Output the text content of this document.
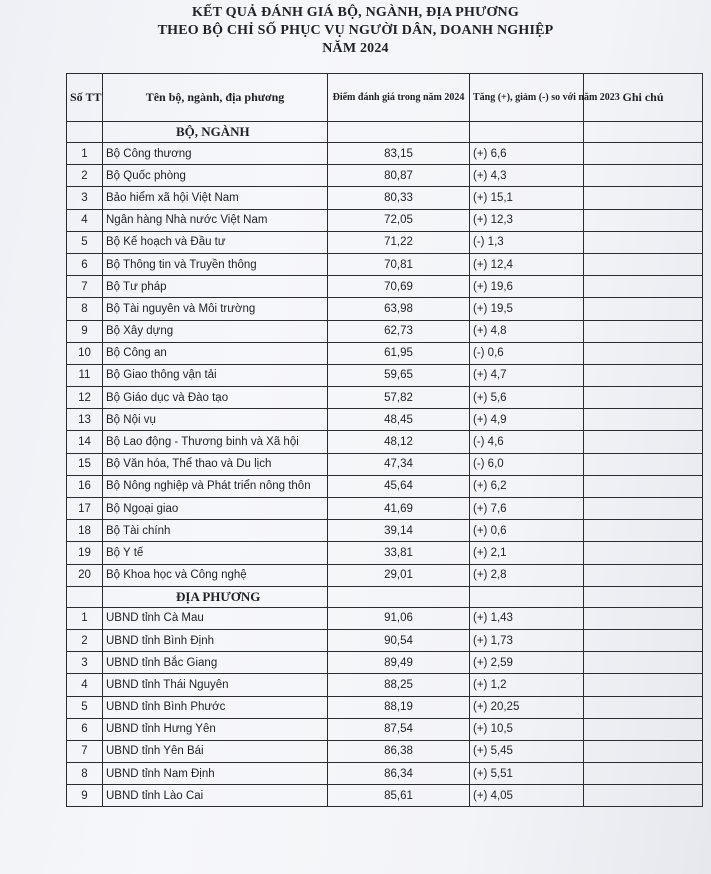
KẾT QUẢ ĐÁNH GIÁ BỘ, NGÀNH, ĐỊA PHƯƠNG
THEO BỘ CHỈ SỐ PHỤC VỤ NGƯỜI DÂN, DOANH NGHIỆP
NĂM 2024
Số TT	Tên bộ, ngành, địa phương	Điểm đánh giá trong năm 2024	Tăng (+), giảm (-) so với năm 2023	Ghi chú
	BỘ, NGÀNH			
1	Bộ Công thương	83,15	(+) 6,6	
2	Bộ Quốc phòng	80,87	(+) 4,3	
3	Bảo hiểm xã hội Việt Nam	80,33	(+) 15,1	
4	Ngân hàng Nhà nước Việt Nam	72,05	(+) 12,3	
5	Bộ Kế hoạch và Đầu tư	71,22	(-) 1,3	
6	Bộ Thông tin và Truyền thông	70,81	(+) 12,4	
7	Bộ Tư pháp	70,69	(+) 19,6	
8	Bộ Tài nguyên và Môi trường	63,98	(+) 19,5	
9	Bộ Xây dựng	62,73	(+) 4,8	
10	Bộ Công an	61,95	(-) 0,6	
11	Bộ Giao thông vận tải	59,65	(+) 4,7	
12	Bộ Giáo dục và Đào tạo	57,82	(+) 5,6	
13	Bộ Nội vụ	48,45	(+) 4,9	
14	Bộ Lao động - Thương binh và Xã hội	48,12	(-) 4,6	
15	Bộ Văn hóa, Thể thao và Du lịch	47,34	(-) 6,0	
16	Bộ Nông nghiệp và Phát triển nông thôn	45,64	(+) 6,2	
17	Bộ Ngoại giao	41,69	(+) 7,6	
18	Bộ Tài chính	39,14	(+) 0,6	
19	Bộ Y tế	33,81	(+) 2,1	
20	Bộ Khoa học và Công nghệ	29,01	(+) 2,8	
	ĐỊA PHƯƠNG			
1	UBND tỉnh Cà Mau	91,06	(+) 1,43	
2	UBND tỉnh Bình Định	90,54	(+) 1,73	
3	UBND tỉnh Bắc Giang	89,49	(+) 2,59	
4	UBND tỉnh Thái Nguyên	88,25	(+) 1,2	
5	UBND tỉnh Bình Phước	88,19	(+) 20,25	
6	UBND tỉnh Hưng Yên	87,54	(+) 10,5	
7	UBND tỉnh Yên Bái	86,38	(+) 5,45	
8	UBND tỉnh Nam Định	86,34	(+) 5,51	
9	UBND tỉnh Lào Cai	85,61	(+) 4,05	
